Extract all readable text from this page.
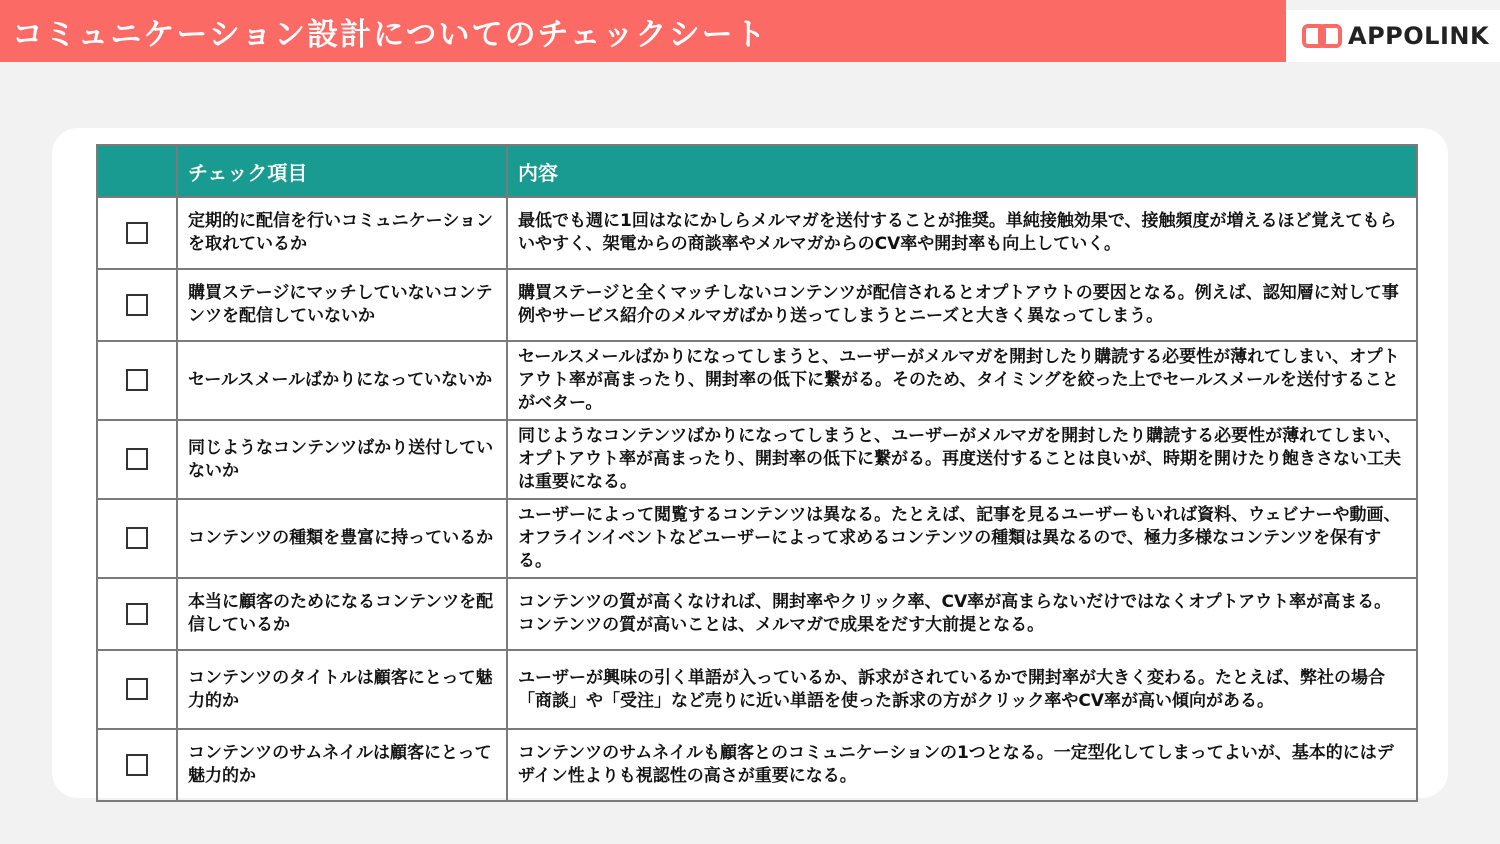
コミュニケーション設計についてのチェックシート	APPOLINK
	チェック項目	内容
	定期的に配信を行いコミュニケーションを取れているか	最低でも週に1回はなにかしらメルマガを送付することが推奨。単純接触効果で、接触頻度が増えるほど覚えてもらいやすく、架電からの商談率やメルマガからのCV率や開封率も向上していく。
	購買ステージにマッチしていないコンテンツを配信していないか	購買ステージと全くマッチしないコンテンツが配信されるとオプトアウトの要因となる。例えば、認知層に対して事例やサービス紹介のメルマガばかり送ってしまうとニーズと大きく異なってしまう。
	セールスメールばかりになっていないか	セールスメールばかりになってしまうと、ユーザーがメルマガを開封したり購読する必要性が薄れてしまい、オプトアウト率が高まったり、開封率の低下に繋がる。そのため、タイミングを絞った上でセールスメールを送付することがベター。
	同じようなコンテンツばかり送付していないか	同じようなコンテンツばかりになってしまうと、ユーザーがメルマガを開封したり購読する必要性が薄れてしまい、オプトアウト率が高まったり、開封率の低下に繋がる。再度送付することは良いが、時期を開けたり飽きさない工夫は重要になる。
	コンテンツの種類を豊富に持っているか	ユーザーによって閲覧するコンテンツは異なる。たとえば、記事を見るユーザーもいれば資料、ウェビナーや動画、オフラインイベントなどユーザーによって求めるコンテンツの種類は異なるので、極力多様なコンテンツを保有する。
	本当に顧客のためになるコンテンツを配信しているか	コンテンツの質が高くなければ、開封率やクリック率、CV率が高まらないだけではなくオプトアウト率が高まる。コンテンツの質が高いことは、メルマガで成果をだす大前提となる。
	コンテンツのタイトルは顧客にとって魅力的か	ユーザーが興味の引く単語が入っているか、訴求がされているかで開封率が大きく変わる。たとえば、弊社の場合「商談」や「受注」など売りに近い単語を使った訴求の方がクリック率やCV率が高い傾向がある。
	コンテンツのサムネイルは顧客にとって魅力的か	コンテンツのサムネイルも顧客とのコミュニケーションの1つとなる。一定型化してしまってよいが、基本的にはデザイン性よりも視認性の高さが重要になる。
